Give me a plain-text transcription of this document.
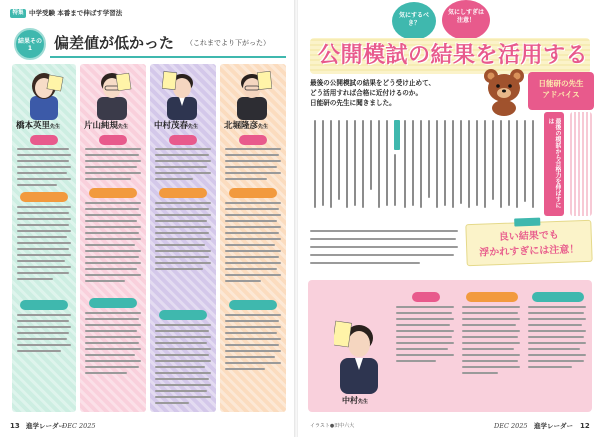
特集 中学受験 本番まで伸ばす学習法
結果その1	偏差値が低かった （これまでより下がった）
橋本英里先生	片山純規先生	中村茂春先生	北堀隆彦先生
13 進学レーダー
DEC 2025
気にするべき？
気にしすぎは注意！
公開模試の結果を活用する
最後の公開模試の結果をどう受け止めて、
どう活用すれば合格に近付けるのか。
日能研の先生に聞きました。
日能研の先生
アドバイス
最後の模試から合格力を伸ばすには
良い結果でも
浮かれすぎには注意！
中村先生
イラスト●田中六大	DEC 2025 進学レーダー 12
